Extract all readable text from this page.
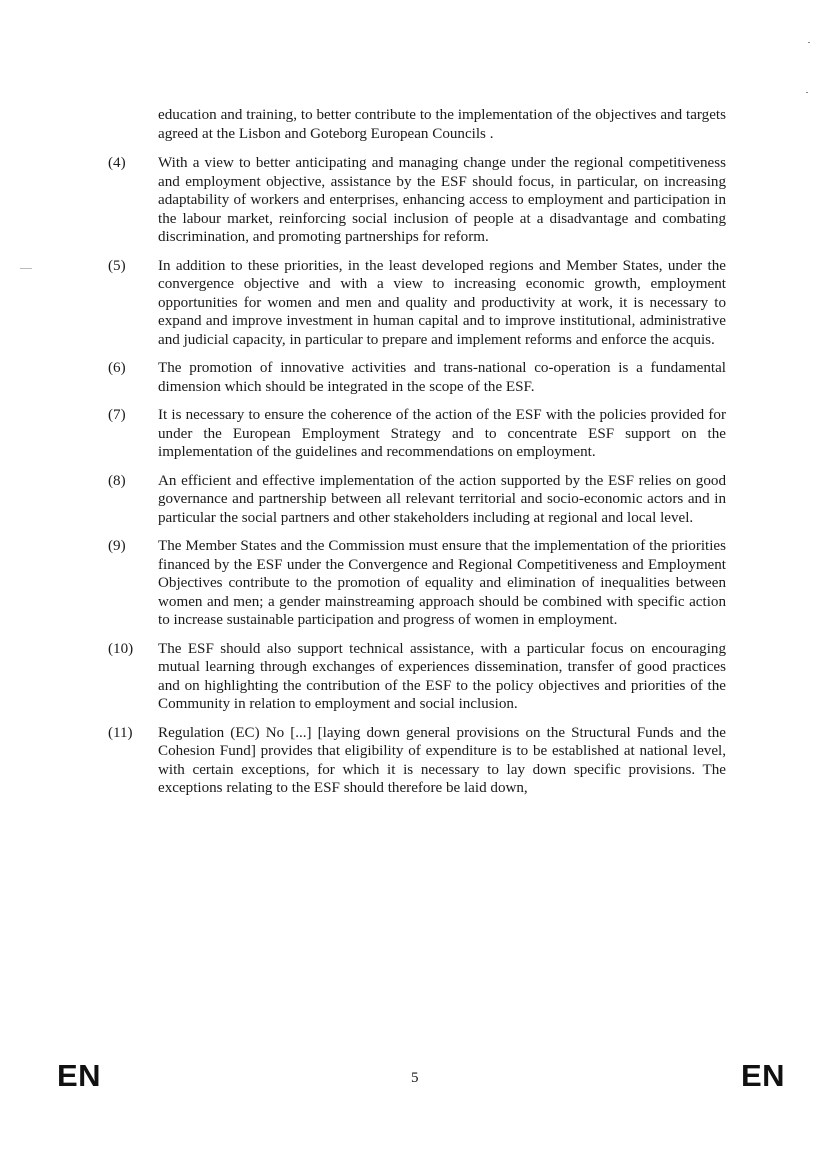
education and training, to better contribute to the implementation of the objectives and targets agreed at the Lisbon and Goteborg European Councils .
(4)	With a view to better anticipating and managing change under the regional competitiveness and employment objective, assistance by the ESF should focus, in particular, on increasing adaptability of workers and enterprises, enhancing access to employment and participation in the labour market, reinforcing social inclusion of people at a disadvantage and combating discrimination, and promoting partnerships for reform.
(5)	In addition to these priorities, in the least developed regions and Member States, under the convergence objective and with a view to increasing economic growth, employment opportunities for women and men and quality and productivity at work, it is necessary to expand and improve investment in human capital and to improve institutional, administrative and judicial capacity, in particular to prepare and implement reforms and enforce the acquis.
(6)	The promotion of innovative activities and trans-national co-operation is a fundamental dimension which should be integrated in the scope of the ESF.
(7)	It is necessary to ensure the coherence of the action of the ESF with the policies provided for under the European Employment Strategy and to concentrate ESF support on the implementation of the guidelines and recommendations on employment.
(8)	An efficient and effective implementation of the action supported by the ESF relies on good governance and partnership between all relevant territorial and socio-economic actors and in particular the social partners and other stakeholders including at regional and local level.
(9)	The Member States and the Commission must ensure that the implementation of the priorities financed by the ESF under the Convergence and Regional Competitiveness and Employment Objectives contribute to the promotion of equality and elimination of inequalities between women and men; a gender mainstreaming approach should be combined with specific action to increase sustainable participation and progress of women in employment.
(10)	The ESF should also support technical assistance, with a particular focus on encouraging mutual learning through exchanges of experiences dissemination, transfer of good practices and on highlighting the contribution of the ESF to the policy objectives and priorities of the Community in relation to employment and social inclusion.
(11)	Regulation (EC) No [...] [laying down general provisions on the Structural Funds and the Cohesion Fund] provides that eligibility of expenditure is to be established at national level, with certain exceptions, for which it is necessary to lay down specific provisions. The exceptions relating to the ESF should therefore be laid down,
EN	5	EN
